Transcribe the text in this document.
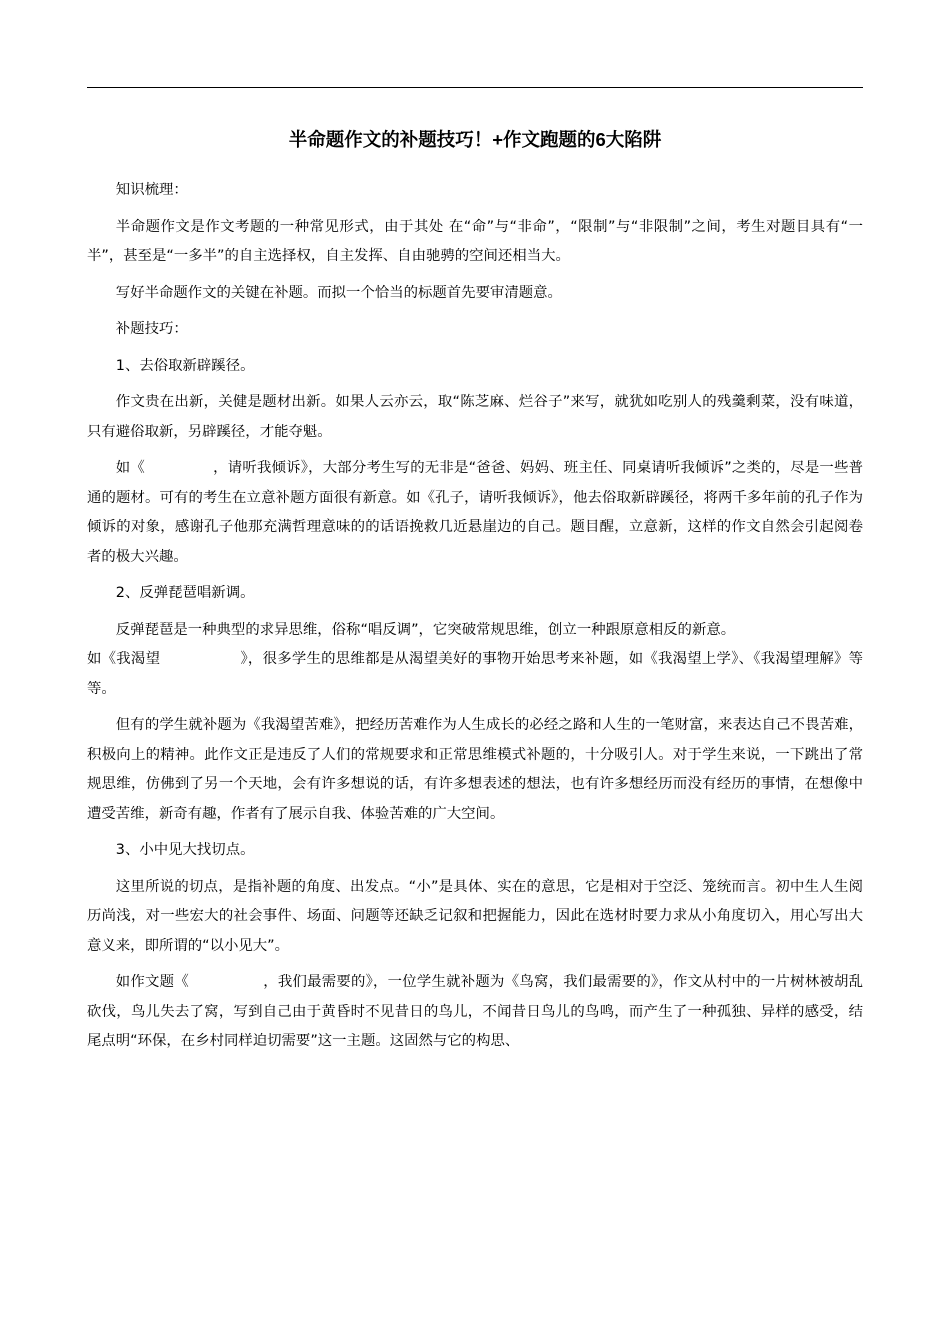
半命题作文的补题技巧！+作文跑题的6大陷阱

知识梳理：

半命题作文是作文考题的一种常见形式，由于其处 在“命”与“非命”，“限制”与“非限制”之间，考生对题目具有“一半”，甚至是“一多半”的自主选择权，自主发挥、自由驰骋的空间还相当大。

写好半命题作文的关键在补题。而拟一个恰当的标题首先要审清题意。

补题技巧：

1、去俗取新辟蹊径。

作文贵在出新，关健是题材出新。如果人云亦云，取“陈芝麻、烂谷子”来写，就犹如吃别人的残羹剩菜，没有味道，只有避俗取新，另辟蹊径，才能夺魁。

如《	，请听我倾诉》，大部分考生写的无非是“爸爸、妈妈、班主任、同桌请听我倾诉”之类的，尽是一些普通的题材。可有的考生在立意补题方面很有新意。如《孔子，请听我倾诉》，他去俗取新辟蹊径，将两千多年前的孔子作为倾诉的对象，感谢孔子他那充满哲理意味的的话语挽救几近悬崖边的自己。题目醒，立意新，这样的作文自然会引起阅卷者的极大兴趣。

2、反弹琵琶唱新调。

反弹琵琶是一种典型的求异思维，俗称“唱反调”，它突破常规思维，创立一种跟原意相反的新意。

如《我渴望	》，很多学生的思维都是从渴望美好的事物开始思考来补题，如《我渴望上学》、《我渴望理解》等等。

但有的学生就补题为《我渴望苦难》，把经历苦难作为人生成长的必经之路和人生的一笔财富，来表达自己不畏苦难，积极向上的精神。此作文正是违反了人们的常规要求和正常思维模式补题的，十分吸引人。对于学生来说，一下跳出了常规思维，仿佛到了另一个天地，会有许多想说的话，有许多想表述的想法，也有许多想经历而没有经历的事情，在想像中遭受苦维，新奇有趣，作者有了展示自我、体验苦难的广大空间。

3、小中见大找切点。

这里所说的切点，是指补题的角度、出发点。“小”是具体、实在的意思，它是相对于空泛、笼统而言。初中生人生阅历尚浅，对一些宏大的社会事件、场面、问题等还缺乏记叙和把握能力，因此在选材时要力求从小角度切入，用心写出大意义来，即所谓的“以小见大”。

如作文题《	，我们最需要的》，一位学生就补题为《鸟窝，我们最需要的》，作文从村中的一片树林被胡乱砍伐，鸟儿失去了窝，写到自己由于黄昏时不见昔日的鸟儿，不闻昔日鸟儿的鸟鸣，而产生了一种孤独、异样的感受，结尾点明“环保，在乡村同样迫切需要”这一主题。这固然与它的构思、
